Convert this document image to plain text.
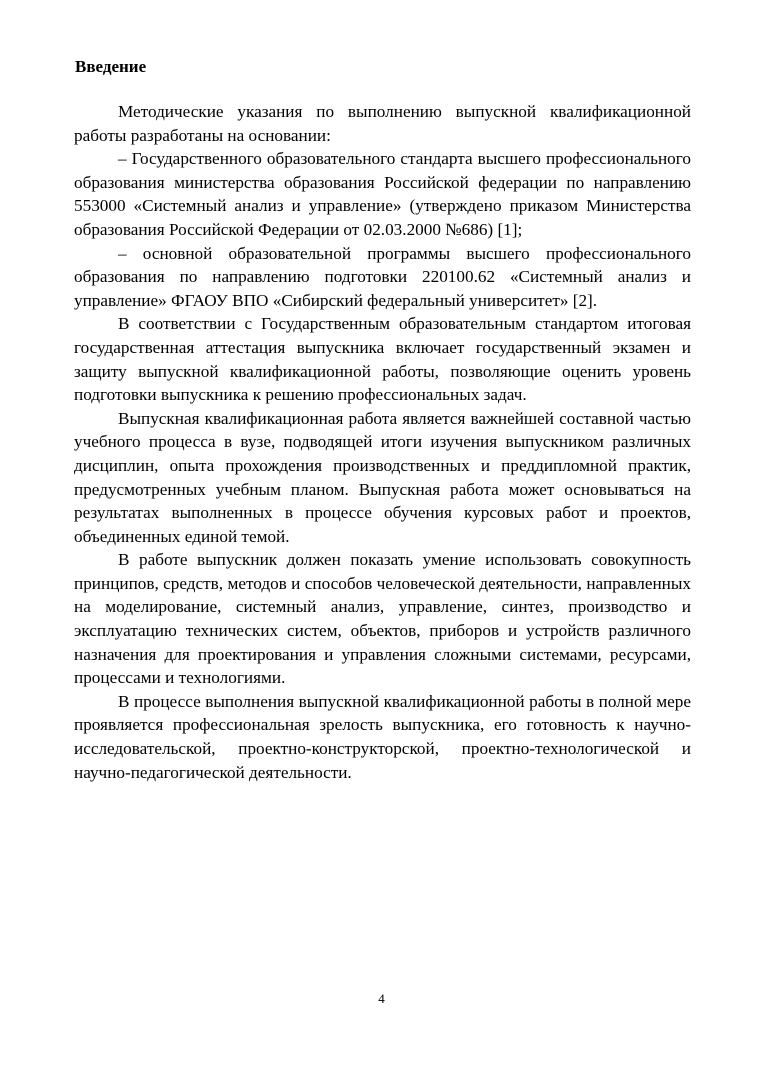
Введение

Методические указания по выполнению выпускной квалификационной работы разработаны на основании:

– Государственного образовательного стандарта высшего профессионального образования министерства образования Российской федерации по направлению 553000 «Системный анализ и управление» (утверждено приказом Министерства образования Российской Федерации от 02.03.2000 №686) [1];

– основной образовательной программы высшего профессионального образования по направлению подготовки 220100.62 «Системный анализ и управление» ФГАОУ ВПО «Сибирский федеральный университет» [2].

В соответствии с Государственным образовательным стандартом итоговая государственная аттестация выпускника включает государственный экзамен и защиту выпускной квалификационной работы, позволяющие оценить уровень подготовки выпускника к решению профессиональных задач.

Выпускная квалификационная работа является важнейшей составной частью учебного процесса в вузе, подводящей итоги изучения выпускником различных дисциплин, опыта прохождения производственных и преддипломной практик, предусмотренных учебным планом. Выпускная работа может основываться на результатах выполненных в процессе обучения курсовых работ и проектов, объединенных единой темой.

В работе выпускник должен показать умение использовать совокупность принципов, средств, методов и способов человеческой деятельности, направленных на моделирование, системный анализ, управление, синтез, производство и эксплуатацию технических систем, объектов, приборов и устройств различного назначения для проектирования и управления сложными системами, ресурсами, процессами и технологиями.

В процессе выполнения выпускной квалификационной работы в полной мере проявляется профессиональная зрелость выпускника, его готовность к научно-исследовательской, проектно-конструкторской, проектно-технологической и научно-педагогической деятельности.

4
